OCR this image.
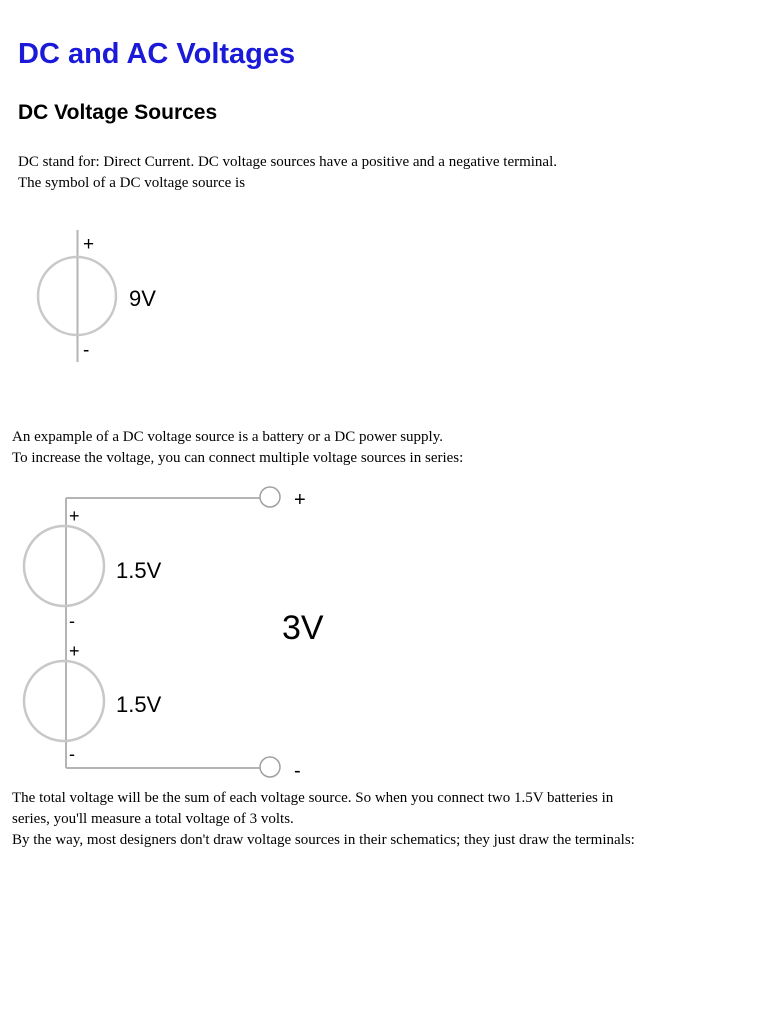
DC and AC Voltages
DC Voltage Sources

DC stand for: Direct Current. DC voltage sources have a positive and a negative terminal.
The symbol of a DC voltage source is

+
-
9V

An expample of a DC voltage source is a battery or a DC power supply.
To increase the voltage, you can connect multiple voltage sources in series:

+
-
+
-
1.5V
+
-
1.5V
3V

The total voltage will be the sum of each voltage source. So when you connect two 1.5V batteries in
series, you'll measure a total voltage of 3 volts.
By the way, most designers don't draw voltage sources in their schematics; they just draw the terminals:
